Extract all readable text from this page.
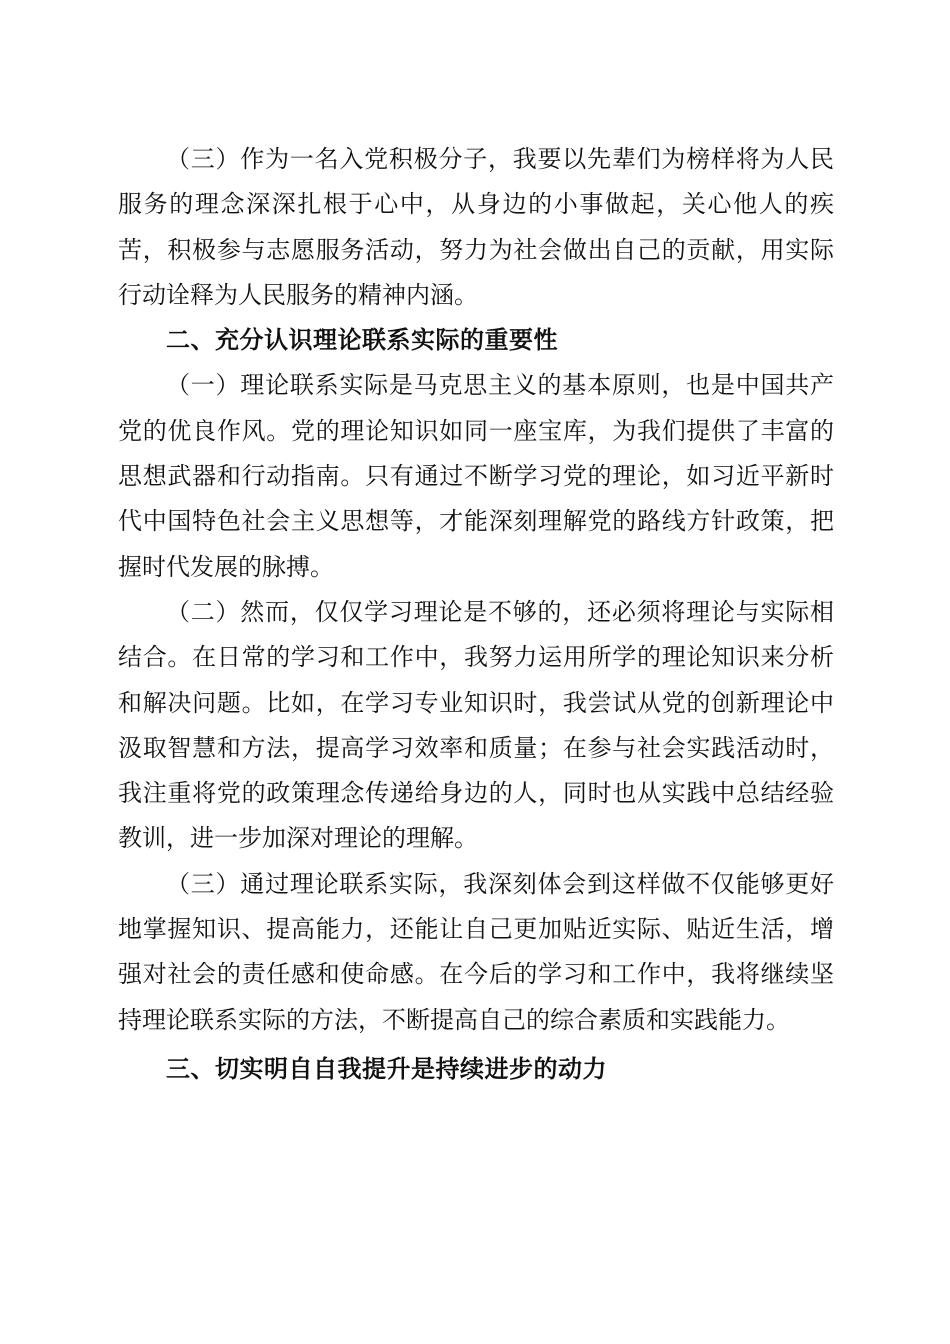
（三）作为一名入党积极分子，我要以先辈们为榜样将为人民服务的理念深深扎根于心中，从身边的小事做起，关心他人的疾苦，积极参与志愿服务活动，努力为社会做出自己的贡献，用实际行动诠释为人民服务的精神内涵。

二、充分认识理论联系实际的重要性

（一）理论联系实际是马克思主义的基本原则，也是中国共产党的优良作风。党的理论知识如同一座宝库，为我们提供了丰富的思想武器和行动指南。只有通过不断学习党的理论，如习近平新时代中国特色社会主义思想等，才能深刻理解党的路线方针政策，把握时代发展的脉搏。

（二）然而，仅仅学习理论是不够的，还必须将理论与实际相结合。在日常的学习和工作中，我努力运用所学的理论知识来分析和解决问题。比如，在学习专业知识时，我尝试从党的创新理论中汲取智慧和方法，提高学习效率和质量；在参与社会实践活动时，我注重将党的政策理念传递给身边的人，同时也从实践中总结经验教训，进一步加深对理论的理解。

（三）通过理论联系实际，我深刻体会到这样做不仅能够更好地掌握知识、提高能力，还能让自己更加贴近实际、贴近生活，增强对社会的责任感和使命感。在今后的学习和工作中，我将继续坚持理论联系实际的方法，不断提高自己的综合素质和实践能力。

三、切实明自自我提升是持续进步的动力
